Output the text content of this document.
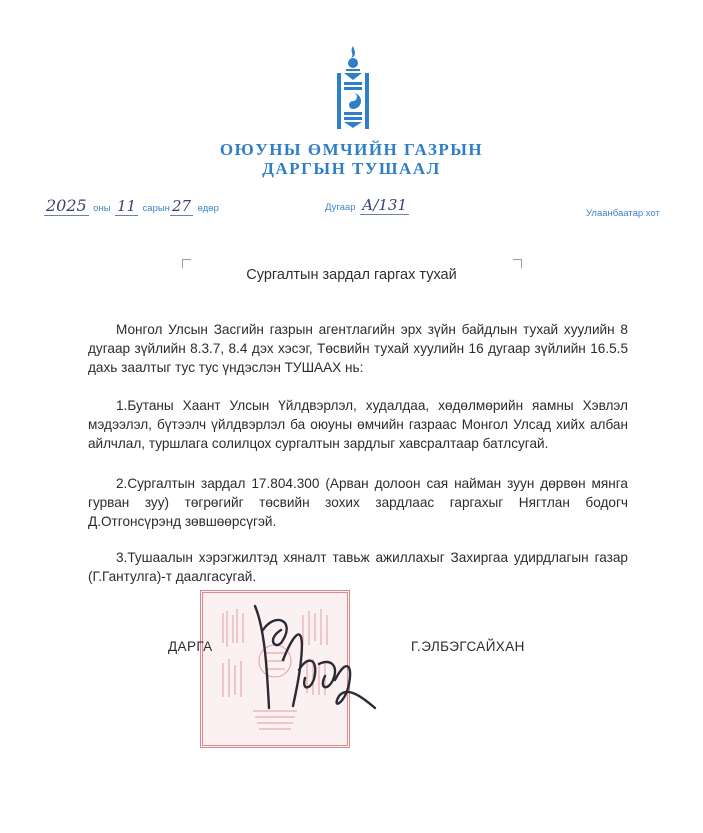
ОЮУНЫ ӨМЧИЙН ГАЗРЫН
ДАРГЫН ТУШААЛ
2025 оны 11 сарын 27 өдөр	Дугаар А/131	Улаанбаатар хот
Сургалтын зардал гаргах тухай
Монгол Улсын Засгийн газрын агентлагийн эрх зүйн байдлын тухай хуулийн 8 дугаар зүйлийн 8.3.7, 8.4 дэх хэсэг, Төсвийн тухай хуулийн 16 дугаар зүйлийн 16.5.5 дахь заалтыг тус тус үндэслэн ТУШААХ нь:
1.Бутаны Хаант Улсын Үйлдвэрлэл, худалдаа, хөдөлмөрийн яамны Хэвлэл мэдээлэл, бүтээлч үйлдвэрлэл ба оюуны өмчийн газраас Монгол Улсад хийх албан айлчлал, туршлага солилцох сургалтын зардлыг хавсралтаар батлсугай.
2.Сургалтын зардал 17.804.300 (Арван долоон сая найман зуун дөрвөн мянга гурван зуу) төгрөгийг төсвийн зохих зардлаас гаргахыг Нягтлан бодогч Д.Отгонсүрэнд зөвшөөрсүгэй.
3.Тушаалын хэрэгжилтэд хяналт тавьж ажиллахыг Захиргаа удирдлагын газар (Г.Гантулга)-т даалгасугай.
ДАРГА	Г.ЭЛБЭГСАЙХАН
